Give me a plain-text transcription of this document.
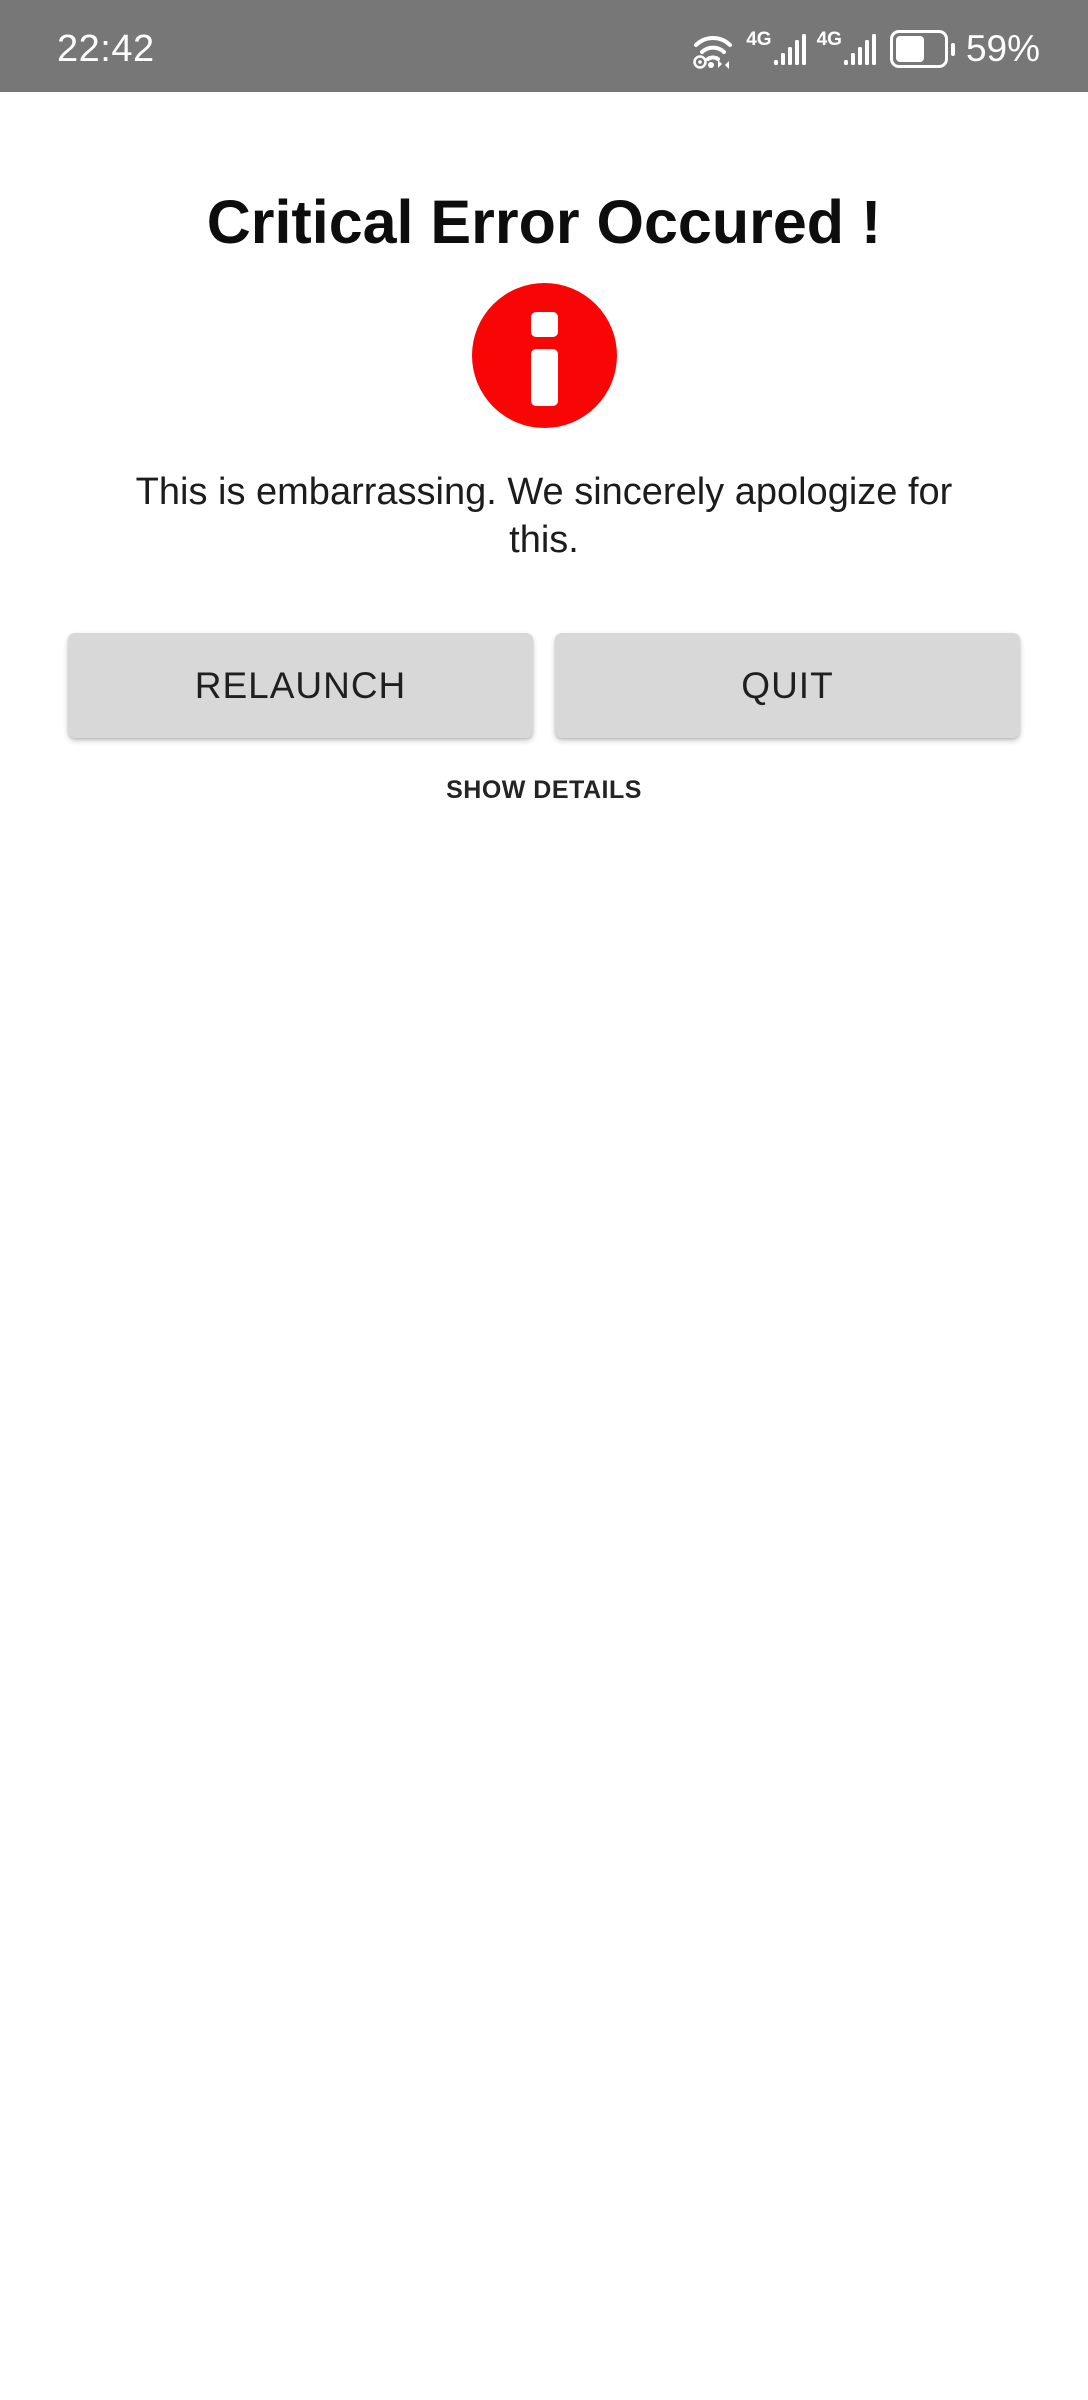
22:42	4G 4G	59%
Critical Error Occured !

This is embarrassing. We sincerely apologize for
this.

RELAUNCH	QUIT
SHOW DETAILS
